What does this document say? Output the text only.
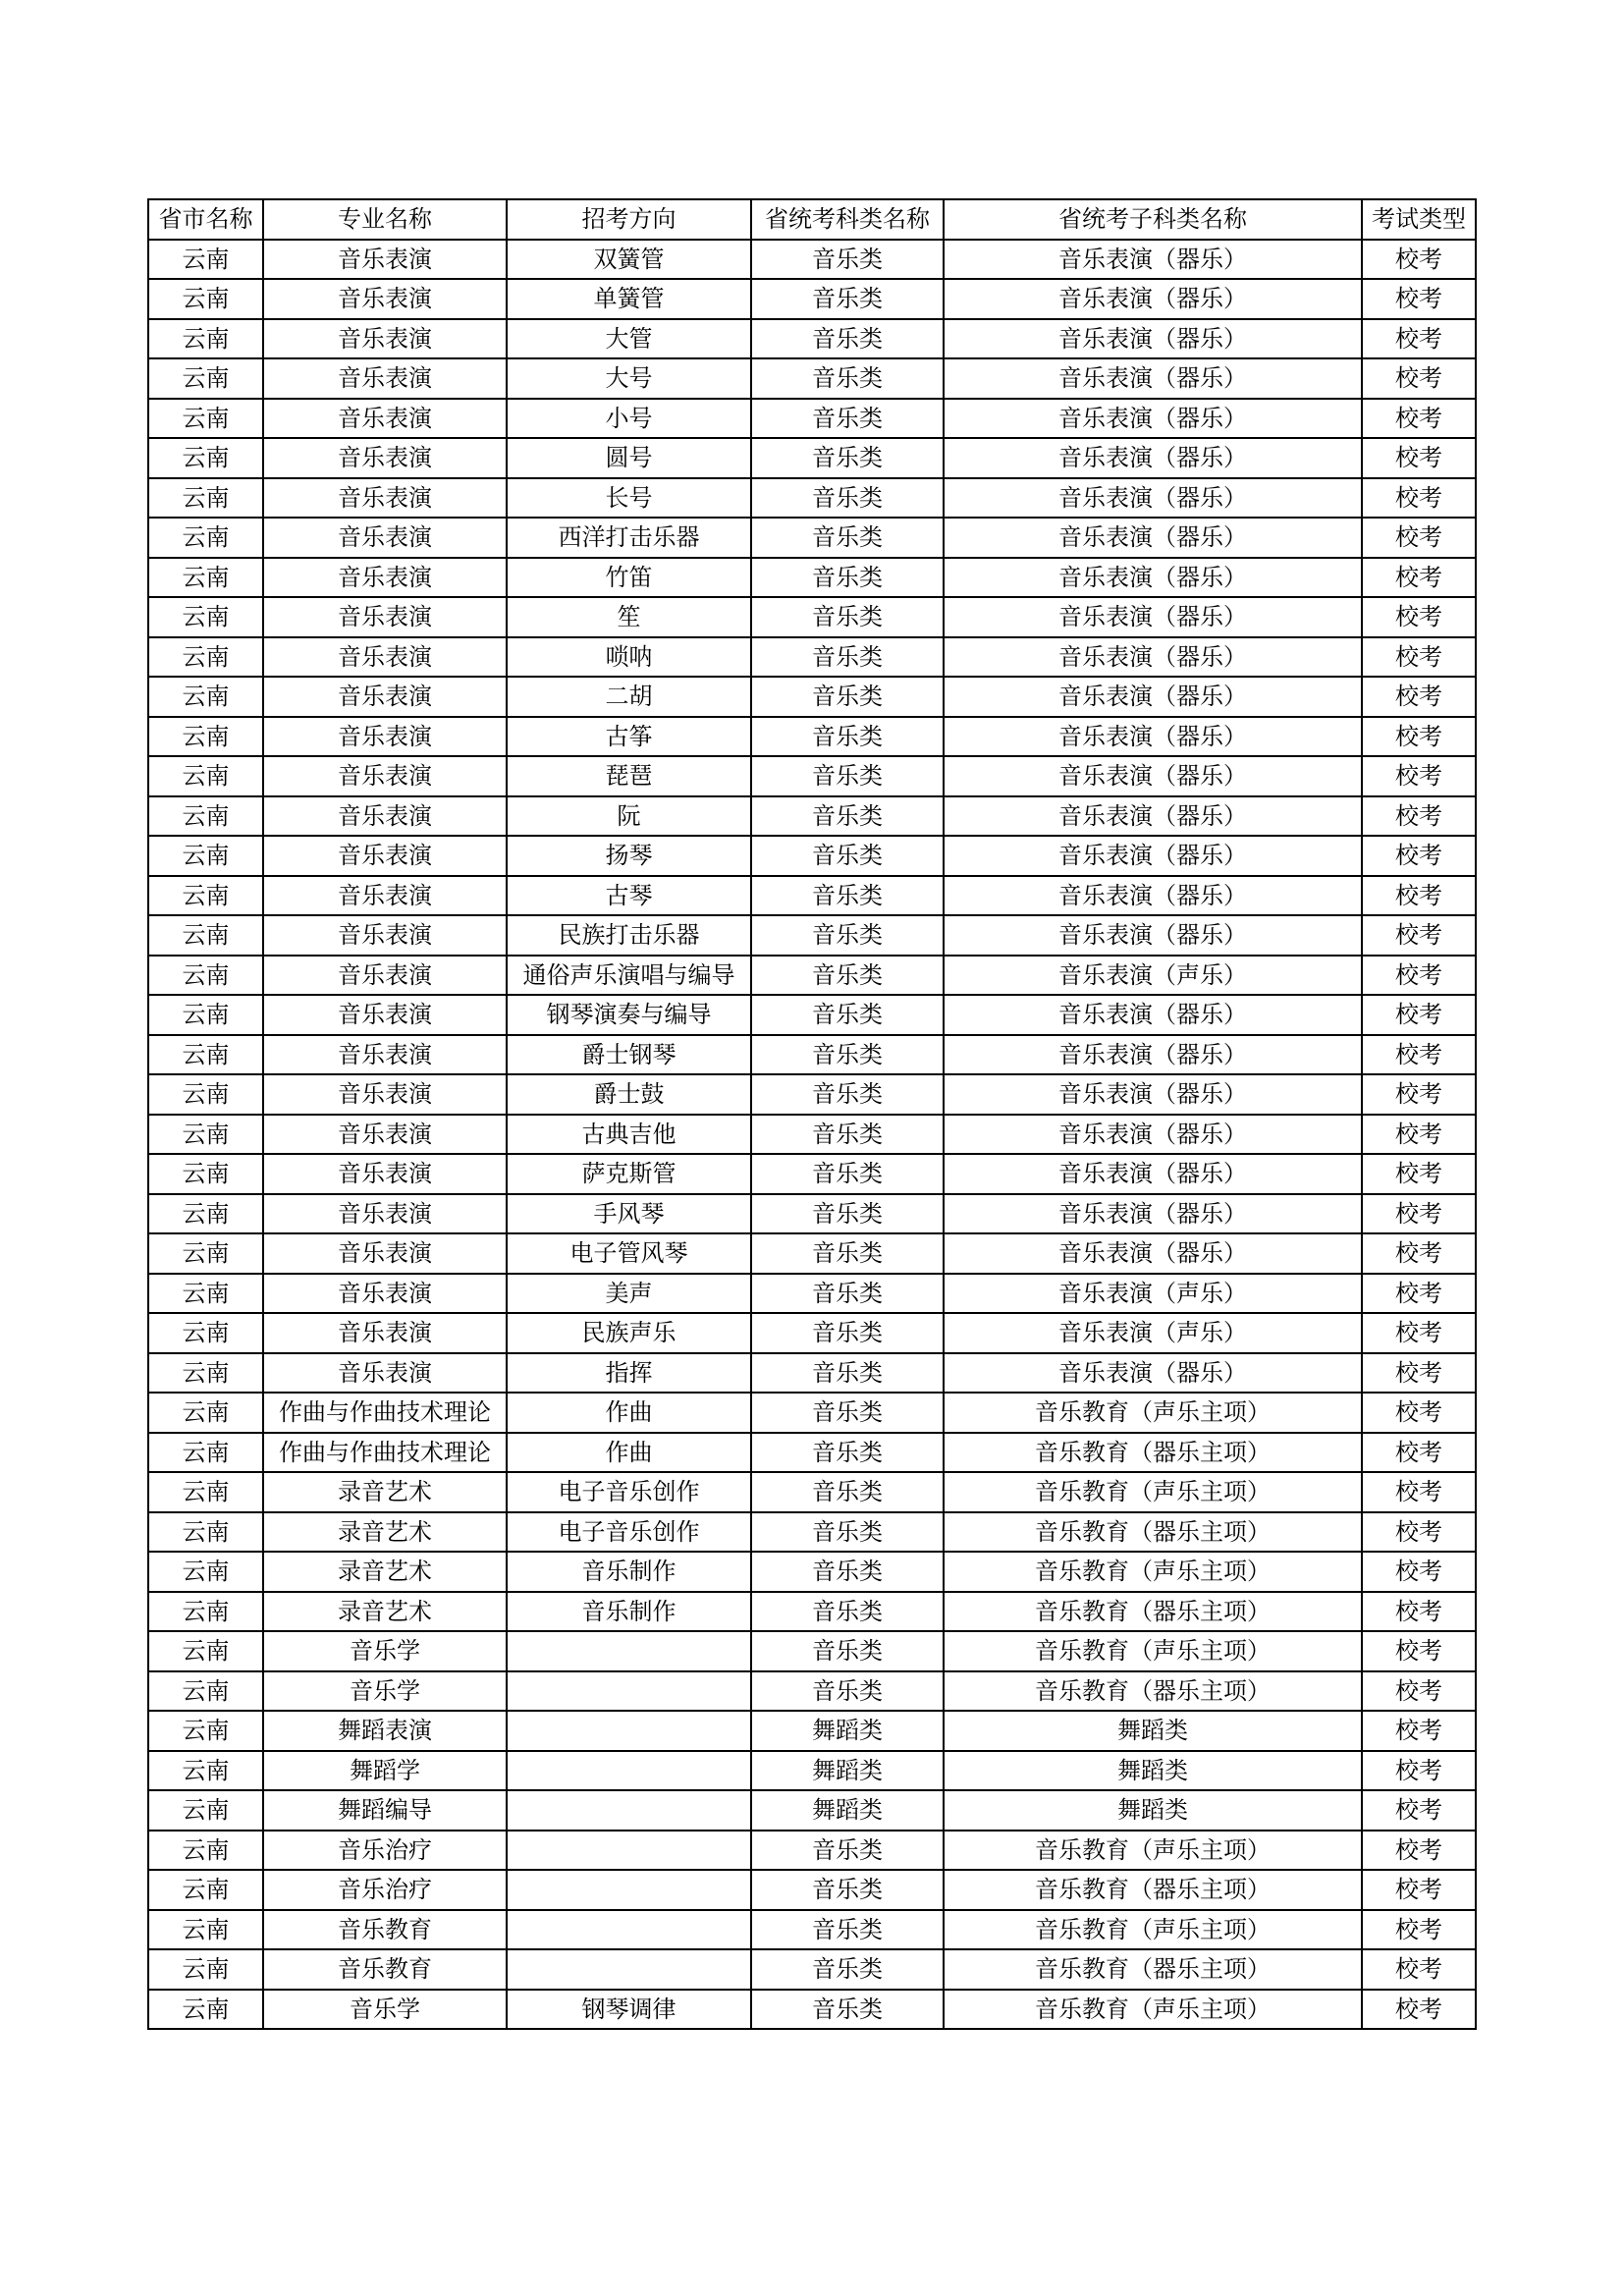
省市名称	专业名称	招考方向	省统考科类名称	省统考子科类名称	考试类型
云南	音乐表演	双簧管	音乐类	音乐表演（器乐）	校考
云南	音乐表演	单簧管	音乐类	音乐表演（器乐）	校考
云南	音乐表演	大管	音乐类	音乐表演（器乐）	校考
云南	音乐表演	大号	音乐类	音乐表演（器乐）	校考
云南	音乐表演	小号	音乐类	音乐表演（器乐）	校考
云南	音乐表演	圆号	音乐类	音乐表演（器乐）	校考
云南	音乐表演	长号	音乐类	音乐表演（器乐）	校考
云南	音乐表演	西洋打击乐器	音乐类	音乐表演（器乐）	校考
云南	音乐表演	竹笛	音乐类	音乐表演（器乐）	校考
云南	音乐表演	笙	音乐类	音乐表演（器乐）	校考
云南	音乐表演	唢呐	音乐类	音乐表演（器乐）	校考
云南	音乐表演	二胡	音乐类	音乐表演（器乐）	校考
云南	音乐表演	古筝	音乐类	音乐表演（器乐）	校考
云南	音乐表演	琵琶	音乐类	音乐表演（器乐）	校考
云南	音乐表演	阮	音乐类	音乐表演（器乐）	校考
云南	音乐表演	扬琴	音乐类	音乐表演（器乐）	校考
云南	音乐表演	古琴	音乐类	音乐表演（器乐）	校考
云南	音乐表演	民族打击乐器	音乐类	音乐表演（器乐）	校考
云南	音乐表演	通俗声乐演唱与编导	音乐类	音乐表演（声乐）	校考
云南	音乐表演	钢琴演奏与编导	音乐类	音乐表演（器乐）	校考
云南	音乐表演	爵士钢琴	音乐类	音乐表演（器乐）	校考
云南	音乐表演	爵士鼓	音乐类	音乐表演（器乐）	校考
云南	音乐表演	古典吉他	音乐类	音乐表演（器乐）	校考
云南	音乐表演	萨克斯管	音乐类	音乐表演（器乐）	校考
云南	音乐表演	手风琴	音乐类	音乐表演（器乐）	校考
云南	音乐表演	电子管风琴	音乐类	音乐表演（器乐）	校考
云南	音乐表演	美声	音乐类	音乐表演（声乐）	校考
云南	音乐表演	民族声乐	音乐类	音乐表演（声乐）	校考
云南	音乐表演	指挥	音乐类	音乐表演（器乐）	校考
云南	作曲与作曲技术理论	作曲	音乐类	音乐教育（声乐主项）	校考
云南	作曲与作曲技术理论	作曲	音乐类	音乐教育（器乐主项）	校考
云南	录音艺术	电子音乐创作	音乐类	音乐教育（声乐主项）	校考
云南	录音艺术	电子音乐创作	音乐类	音乐教育（器乐主项）	校考
云南	录音艺术	音乐制作	音乐类	音乐教育（声乐主项）	校考
云南	录音艺术	音乐制作	音乐类	音乐教育（器乐主项）	校考
云南	音乐学		音乐类	音乐教育（声乐主项）	校考
云南	音乐学		音乐类	音乐教育（器乐主项）	校考
云南	舞蹈表演		舞蹈类	舞蹈类	校考
云南	舞蹈学		舞蹈类	舞蹈类	校考
云南	舞蹈编导		舞蹈类	舞蹈类	校考
云南	音乐治疗		音乐类	音乐教育（声乐主项）	校考
云南	音乐治疗		音乐类	音乐教育（器乐主项）	校考
云南	音乐教育		音乐类	音乐教育（声乐主项）	校考
云南	音乐教育		音乐类	音乐教育（器乐主项）	校考
云南	音乐学	钢琴调律	音乐类	音乐教育（声乐主项）	校考
